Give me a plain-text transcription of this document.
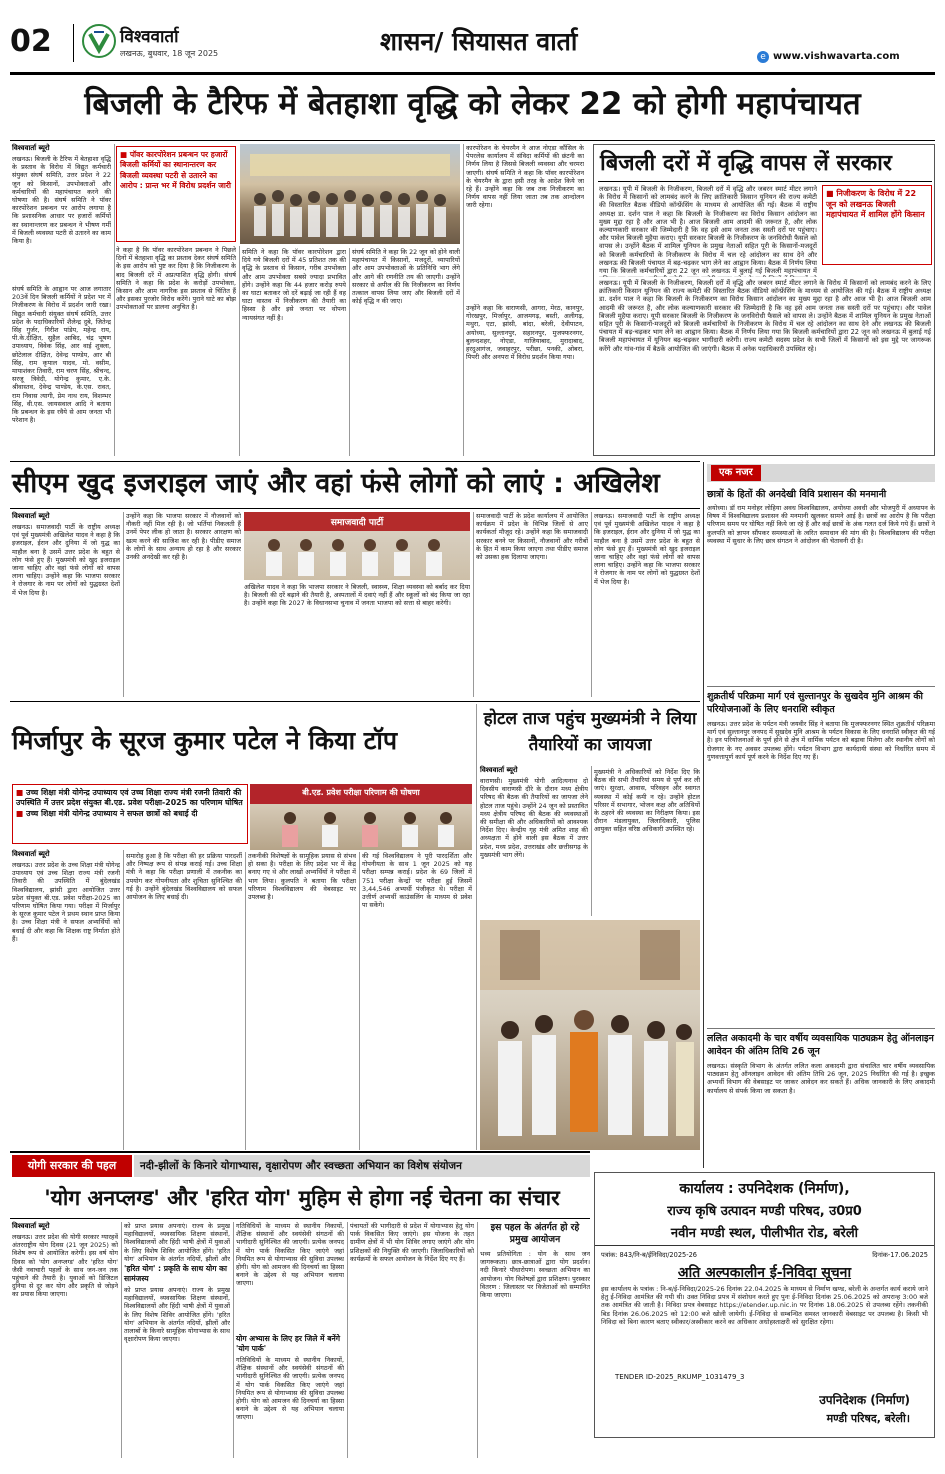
02	विश्ववार्ता
लखनऊ, बुधवार, 18 जून 2025	शासन/ सियासत वार्ता
e www.vishwavarta.com
बिजली के टैरिफ में बेतहाशा वृद्धि को लेकर 22 को होगी महापंचायत
विश्ववार्ता ब्यूरो
लखनऊ। बिजली के टैरिफ में बेतहाशा वृद्धि के प्रस्ताव के विरोध में विद्युत कर्मचारी संयुक्त संघर्ष समिति, उत्तर प्रदेश ने 22 जून को किसानों, उपभोक्ताओं और कर्मचारियों की महापंचायत करने की घोषणा की है। संघर्ष समिति ने पॉवर कारपोरेशन प्रबन्धन पर आरोप लगाया है कि प्रशासनिक आधार पर हजारों कर्मियों का स्थानान्तरण कर प्रबन्धन ने भीषण गर्मी में बिजली व्यवस्था पटरी से उतारने का काम किया है।
संघर्ष समिति के आह्वान पर आज लगातार 203वें दिन बिजली कर्मियों ने प्रदेश भर में निजीकरण के विरोध में प्रदर्शन जारी रखा। विद्युत कर्मचारी संयुक्त संघर्ष समिति, उत्तर प्रदेश के पदाधिकारियों शैलेन्द्र दुबे, जितेन्द्र सिंह गुर्जर, गिरीश पांडेय, महेन्द्र राय, पी.के.दीक्षित, सुहैल आबिद, चंद्र भूषण उपाध्याय, विवेक सिंह, आर वाई शुक्ला, छोटेलाल दीक्षित, देवेन्द्र पाण्डेय, आर बी सिंह, राम कृपाल यादव, मो. वसीम, मायाशंकर तिवारी, राम चरण सिंह, श्रीचन्द, सरजू त्रिवेदी, योगेन्द्र कुमार, ए.के. श्रीवास्तव, देवेन्द्र पाण्डेय, के.एस. रावत, राम निवास त्यागी, प्रेम नाथ राय, विशम्भर सिंह, वी.एस. जायसवाल आदि ने बताया कि प्रबन्धन के इस रवैये से आम जनता भी परेशान है।
■ पॉवर कारपोरेशन प्रबन्धन पर हजारों बिजली कर्मियों का स्थानान्तरण कर बिजली व्यवस्था पटरी से उतारने का आरोप : प्रान्त भर में विरोध प्रदर्शन जारी
ने कहा है कि पॉवर कारपोरेशन प्रबन्धन ने पिछले दिनों में बेतहाशा वृद्धि का प्रस्ताव देकर संघर्ष समिति के इस आरोप को पुष्ट कर दिया है कि निजीकरण के बाद बिजली दरें में अप्रत्याशित वृद्धि होगी। संघर्ष समिति ने कहा कि प्रदेश के करोड़ों उपभोक्ता, किसान और आम नागरिक इस प्रस्ताव से चिंतित हैं और इसका पुरजोर विरोध करेंगे। पुराने घाटे का बोझ उपभोक्ताओं पर डालना अनुचित है।
समिति ने कहा कि पॉवर कारपोरेशन द्वारा दिये गये बिजली दरों में 45 प्रतिशत तक की वृद्धि के प्रस्ताव से किसान, गरीब उपभोक्ता और आम उपभोक्ता सबसे ज्यादा प्रभावित होंगे। उन्होंने कहा कि 44 हजार करोड़ रुपये का घाटा बताकर जो दरें बढ़ाई जा रही हैं वह घाटा वास्तव में निजीकरण की तैयारी का हिस्सा है और इसे जनता पर थोपना न्यायसंगत नहीं है।
संघर्ष समिति ने कहा कि 22 जून को होने वाली महापंचायत में किसानों, मजदूरों, व्यापारियों और आम उपभोक्ताओं के प्रतिनिधि भाग लेंगे और आगे की रणनीति तय की जाएगी। उन्होंने सरकार से अपील की कि निजीकरण का निर्णय तत्काल वापस लिया जाए और बिजली दरों में कोई वृद्धि न की जाए।
कारपोरेशन के चेयरमैन ने आज नोएडा कौंसिल के पेपरलेस कार्यालय में संविदा कर्मियों की छंटनी का निर्णय लिया है जिससे बिजली व्यवस्था और चरमरा जाएगी। संघर्ष समिति ने कहा कि पॉवर कारपोरेशन के चेयरमैन के द्वारा इसी तरह के आदेश किये जा रहे हैं। उन्होंने कहा कि जब तक निजीकरण का निर्णय वापस नहीं लिया जाता तब तक आन्दोलन जारी रहेगा।
उन्होंने कहा कि वाराणसी, आगरा, मेरठ, कानपुर, गोरखपुर, मिर्जापुर, आजमगढ़, बस्ती, अलीगढ़, मथुरा, एटा, झांसी, बांदा, बरेली, देवीपाटन, अयोध्या, सुल्तानपुर, सहारनपुर, मुजफ्फरनगर, बुलन्दशहर, नोएडा, गाजियाबाद, मुरादाबाद, हरदुआगंज, जवाहरपुर, परीछा, पनकी, ओबरा, पिपरी और अनपरा में विरोध प्रदर्शन किया गया।
बिजली दरों में वृद्धि वापस लें सरकार
लखनऊ। यूपी में बिजली के निजीकरण, बिजली दरों में वृद्धि और जबरन स्मार्ट मीटर लगाने के विरोध में किसानों को लामबंद करने के लिए क्रांतिकारी किसान यूनियन की राज्य कमेटी की विस्तारित बैठक वीडियो कॉन्फ्रेंसिंग के माध्यम से आयोजित की गई। बैठक में राष्ट्रीय अध्यक्ष डा. दर्शन पाल ने कहा कि बिजली के निजीकरण का विरोध किसान आंदोलन का मुख्य मुद्दा रहा है और आज भी है। आज बिजली आम आदमी की जरूरत है, और लोक कल्याणकारी सरकार की जिम्मेदारी है कि वह इसे आम जनता तक सस्ती दरों पर पहुंचाए। और पावेल बिजली मुहैया कराए। यूपी सरकार बिजली के निजीकरण के जनविरोधी फैसले को वापस ले। उन्होंने बैठक में शामिल यूनियन के प्रमुख नेताओं सहित पूरी के किसानों-मजदूरों को बिजली कर्मचारियों के निजीकरण के विरोध में चल रहे आंदोलन का साथ देने और लखनऊ की बिजली पंचायत में बढ़-चढ़कर भाग लेने का आह्वान किया। बैठक में निर्णय लिया गया कि बिजली कर्मचारियों द्वारा 22 जून को लखनऊ में बुलाई गई बिजली महापंचायत में
■ निजीकरण के विरोध में 22 जून को लखनऊ बिजली महापंचायत में शामिल होंगे किसान
लखनऊ। यूपी में बिजली के निजीकरण, बिजली दरों में वृद्धि और जबरन स्मार्ट मीटर लगाने के विरोध में किसानों को लामबंद करने के लिए क्रांतिकारी किसान यूनियन की राज्य कमेटी की विस्तारित बैठक वीडियो कॉन्फ्रेंसिंग के माध्यम से आयोजित की गई। बैठक में राष्ट्रीय अध्यक्ष डा. दर्शन पाल ने कहा कि बिजली के निजीकरण का विरोध किसान आंदोलन का मुख्य मुद्दा रहा है और आज भी है। आज बिजली आम आदमी की जरूरत है, और लोक कल्याणकारी सरकार की जिम्मेदारी है कि वह इसे आम जनता तक सस्ती दरों पर पहुंचाए। और पावेल बिजली मुहैया कराए। यूपी सरकार बिजली के निजीकरण के जनविरोधी फैसले को वापस ले। उन्होंने बैठक में शामिल यूनियन के प्रमुख नेताओं सहित पूरी के किसानों-मजदूरों को बिजली कर्मचारियों के निजीकरण के विरोध में चल रहे आंदोलन का साथ देने और लखनऊ की बिजली पंचायत में बढ़-चढ़कर भाग लेने का आह्वान किया। बैठक में निर्णय लिया गया कि बिजली कर्मचारियों द्वारा 22 जून को लखनऊ में बुलाई गई बिजली महापंचायत में यूनियन बढ़-चढ़कर भागीदारी करेगी। राज्य कमेटी सदस्य प्रदेश के सभी जिलों में किसानों को इस मुद्दे पर जागरूक करेंगे और गांव-गांव में बैठकें आयोजित की जाएंगी। बैठक में अनेक पदाधिकारी उपस्थित रहे।
सीएम खुद इजराइल जाएं और वहां फंसे लोगों को लाएं : अखिलेश
विश्ववार्ता ब्यूरो
लखनऊ। समाजवादी पार्टी के राष्ट्रीय अध्यक्ष एवं पूर्व मुख्यमंत्री अखिलेश यादव ने कहा है कि इजराइल, ईरान और दुनिया में जो युद्ध का माहौल बना है उसमें उत्तर प्रदेश के बहुत से लोग फंसे हुए हैं। मुख्यमंत्री को खुद इजराइल जाना चाहिए और वहां फंसे लोगों को वापस लाना चाहिए। उन्होंने कहा कि भाजपा सरकार ने रोजगार के नाम पर लोगों को युद्धग्रस्त देशों में भेज दिया है।
उन्होंने कहा कि भाजपा सरकार में नौजवानों को नौकरी नहीं मिल रही है। जो भर्तियां निकलती हैं उनमें पेपर लीक हो जाता है। सरकार आरक्षण को खत्म करने की साजिश कर रही है। पीडीए समाज के लोगों के साथ अन्याय हो रहा है और सरकार उनकी अनदेखी कर रही है।
समाजवादी पार्टी
अखिलेश यादव ने कहा कि भाजपा सरकार ने बिजली, स्वास्थ्य, शिक्षा व्यवस्था को बर्बाद कर दिया है। बिजली की दरें बढ़ाने की तैयारी है, अस्पतालों में दवाएं नहीं हैं और स्कूलों को बंद किया जा रहा है। उन्होंने कहा कि 2027 के विधानसभा चुनाव में जनता भाजपा को सत्ता से बाहर करेगी।
समाजवादी पार्टी के प्रदेश कार्यालय में आयोजित कार्यक्रम में प्रदेश के विभिन्न जिलों से आए कार्यकर्ता मौजूद रहे। उन्होंने कहा कि समाजवादी सरकार बनने पर किसानों, नौजवानों और गरीबों के हित में काम किया जाएगा तथा पीडीए समाज को उसका हक दिलाया जाएगा।
लखनऊ। समाजवादी पार्टी के राष्ट्रीय अध्यक्ष एवं पूर्व मुख्यमंत्री अखिलेश यादव ने कहा है कि इजराइल, ईरान और दुनिया में जो युद्ध का माहौल बना है उसमें उत्तर प्रदेश के बहुत से लोग फंसे हुए हैं। मुख्यमंत्री को खुद इजराइल जाना चाहिए और वहां फंसे लोगों को वापस लाना चाहिए। उन्होंने कहा कि भाजपा सरकार ने रोजगार के नाम पर लोगों को युद्धग्रस्त देशों में भेज दिया है।
एक नजर
छात्रों के हितों की अनदेखी विवि प्रशासन की मनमानी
अयोध्या। डॉ राम मनोहर लोहिया अवध विश्वविद्यालय, अयोध्या अवधी और भोजपुरी में अध्यापन के विषय में विश्वविद्यालय प्रशासन की मनमानी खुलकर सामने आई है। छात्रों का आरोप है कि परीक्षा परिणाम समय पर घोषित नहीं किये जा रहे हैं और कई छात्रों के अंक गलत दर्ज किये गये हैं। छात्रों ने कुलपति को ज्ञापन सौंपकर समस्याओं के त्वरित समाधान की मांग की है। विश्वविद्यालय की परीक्षा व्यवस्था में सुधार के लिए छात्र संगठन ने आंदोलन की चेतावनी दी है।
शुक्रतीर्थ परिक्रमा मार्ग एवं सुल्तानपुर के सुखदेव मुनि आश्रम की परियोजनाओं के लिए धनराशि स्वीकृत
लखनऊ। उत्तर प्रदेश के पर्यटन मंत्री जयवीर सिंह ने बताया कि मुजफ्फरनगर स्थित शुक्रतीर्थ परिक्रमा मार्ग एवं सुल्तानपुर जनपद में सुखदेव मुनि आश्रम के पर्यटन विकास के लिए धनराशि स्वीकृत की गई है। इन परियोजनाओं के पूर्ण होने से क्षेत्र में धार्मिक पर्यटन को बढ़ावा मिलेगा और स्थानीय लोगों को रोजगार के नए अवसर उपलब्ध होंगे। पर्यटन विभाग द्वारा कार्यदायी संस्था को निर्धारित समय में गुणवत्तापूर्ण कार्य पूर्ण करने के निर्देश दिए गए हैं।
ललित अकादमी के चार वर्षीय व्यवसायिक पाठ्यक्रम हेतु ऑनलाइन आवेदन की अंतिम तिथि 26 जून
लखनऊ। संस्कृति विभाग के अंतर्गत ललित कला अकादमी द्वारा संचालित चार वर्षीय व्यवसायिक पाठ्यक्रम हेतु ऑनलाइन आवेदन की अंतिम तिथि 26 जून, 2025 निर्धारित की गई है। इच्छुक अभ्यर्थी विभाग की वेबसाइट पर जाकर आवेदन कर सकते हैं। अधिक जानकारी के लिए अकादमी कार्यालय से संपर्क किया जा सकता है।
मिर्जापुर के सूरज कुमार पटेल ने किया टॉप
■ उच्च शिक्षा मंत्री योगेन्द्र उपाध्याय एवं उच्च शिक्षा राज्य मंत्री रजनी तिवारी की उपस्थिति में उत्तर प्रदेश संयुक्त बी.एड. प्रवेश परीक्षा-2025 का परिणाम घोषित
■ उच्च शिक्षा मंत्री योगेन्द्र उपाध्याय ने सफल छात्रों को बधाई दी
बी.एड. प्रवेश परीक्षा परिणाम की घोषणा
विश्ववार्ता ब्यूरो
लखनऊ। उत्तर प्रदेश के उच्च शिक्षा मंत्री योगेन्द्र उपाध्याय एवं उच्च शिक्षा राज्य मंत्री रजनी तिवारी की उपस्थिति में बुंदेलखंड विश्वविद्यालय, झांसी द्वारा आयोजित उत्तर प्रदेश संयुक्त बी.एड. प्रवेश परीक्षा-2025 का परिणाम घोषित किया गया। परीक्षा में मिर्जापुर के सूरज कुमार पटेल ने प्रथम स्थान प्राप्त किया है। उच्च शिक्षा मंत्री ने सफल अभ्यर्थियों को बधाई दी और कहा कि शिक्षक राष्ट्र निर्माता होते हैं।
समारोह हुआ है कि परीक्षा की हर प्रक्रिया पारदर्शी और निष्पक्ष रूप से संपन्न कराई गई। उच्च शिक्षा मंत्री ने कहा कि परीक्षा प्रणाली में तकनीक का उपयोग कर गोपनीयता और शुचिता सुनिश्चित की गई है। उन्होंने बुंदेलखंड विश्वविद्यालय को सफल आयोजन के लिए बधाई दी।
तकनीकी विशेषज्ञों के सामूहिक प्रयास से संभव हो सका है। परीक्षा के लिए प्रदेश भर में केंद्र बनाए गए थे और लाखों अभ्यर्थियों ने परीक्षा में भाग लिया। कुलपति ने बताया कि परीक्षा परिणाम विश्वविद्यालय की वेबसाइट पर उपलब्ध है।
की गई विश्वविद्यालय ने पूरी पारदर्शिता और गोपनीयता के साथ 1 जून 2025 को यह परीक्षा सम्पन्न कराई। प्रदेश के 69 जिलों में 751 परीक्षा केन्द्रों पर परीक्षा हुई जिसमें 3,44,546 अभ्यर्थी पंजीकृत थे। परीक्षा में उत्तीर्ण अभ्यर्थी काउंसलिंग के माध्यम से प्रवेश पा सकेंगे।
होटल ताज पहुंच मुख्यमंत्री ने लिया तैयारियों का जायजा
विश्ववार्ता ब्यूरो
वाराणसी। मुख्यमंत्री योगी आदित्यनाथ दो दिवसीय वाराणसी दौरे के दौरान मध्य क्षेत्रीय परिषद की बैठक की तैयारियों का जायजा लेने होटल ताज पहुंचे। उन्होंने 24 जून को प्रस्तावित मध्य क्षेत्रीय परिषद की बैठक की व्यवस्थाओं की समीक्षा की और अधिकारियों को आवश्यक निर्देश दिए। केन्द्रीय गृह मंत्री अमित शाह की अध्यक्षता में होने वाली इस बैठक में उत्तर प्रदेश, मध्य प्रदेश, उत्तराखंड और छत्तीसगढ़ के मुख्यमंत्री भाग लेंगे।
मुख्यमंत्री ने अधिकारियों को निर्देश दिए कि बैठक की सभी तैयारियां समय से पूर्ण कर ली जाएं। सुरक्षा, आवास, परिवहन और स्वागत व्यवस्था में कोई कमी न रहे। उन्होंने होटल परिसर में सभागार, भोजन कक्ष और अतिथियों के ठहरने की व्यवस्था का निरीक्षण किया। इस दौरान मंडलायुक्त, जिलाधिकारी, पुलिस आयुक्त सहित वरिष्ठ अधिकारी उपस्थित रहे।
योगी सरकार की पहल	नदी-झीलों के किनारे योगाभ्यास, वृक्षारोपण और स्वच्छता अभियान का विशेष संयोजन
'योग अनप्लग्ड' और 'हरित योग' मुहिम से होगा नई चेतना का संचार
विश्ववार्ता ब्यूरो
लखनऊ। उत्तर प्रदेश की योगी सरकार ग्यारहवें अंतरराष्ट्रीय योग दिवस (21 जून 2025) को विशेष रूप से आयोजित करेगी। इस वर्ष योग दिवस को 'योग अनप्लग्ड' और 'हरित योग' जैसी नवाचारी पहलों के साथ जन-जन तक पहुंचाने की तैयारी है। युवाओं को डिजिटल दुनिया से दूर कर योग और प्रकृति से जोड़ने का प्रयास किया जाएगा।
को प्राप्त प्रयास अपनाएं। राज्य के प्रमुख महाविद्यालयों, व्यवसायिक शिक्षण संस्थानों, विश्वविद्यालयों और हिंदी भाषी क्षेत्रों में युवाओं के लिए विशेष शिविर आयोजित होंगे। 'हरित योग' अभियान के अंतर्गत नदियों, झीलों और
'हरित योग' : प्रकृति के साथ योग का सामंजस्य
को प्राप्त प्रयास अपनाएं। राज्य के प्रमुख महाविद्यालयों, व्यवसायिक शिक्षण संस्थानों, विश्वविद्यालयों और हिंदी भाषी क्षेत्रों में युवाओं के लिए विशेष शिविर आयोजित होंगे। 'हरित योग' अभियान के अंतर्गत नदियों, झीलों और तालाबों के किनारे सामूहिक योगाभ्यास के साथ वृक्षारोपण किया जाएगा।
गतिविधियों के माध्यम से स्थानीय निकायों, शैक्षिक संस्थानों और स्वयंसेवी संगठनों की भागीदारी सुनिश्चित की जाएगी। प्रत्येक जनपद में योग पार्क विकसित किए जाएंगे जहां नियमित रूप से योगाभ्यास की सुविधा उपलब्ध होगी। योग को आमजन की दिनचर्या का हिस्सा बनाने के उद्देश्य से यह अभियान चलाया जाएगा।
योग अभ्यास के लिए हर जिले में बनेंगे 'योग पार्क'
गतिविधियों के माध्यम से स्थानीय निकायों, शैक्षिक संस्थानों और स्वयंसेवी संगठनों की भागीदारी सुनिश्चित की जाएगी। प्रत्येक जनपद में योग पार्क विकसित किए जाएंगे जहां नियमित रूप से योगाभ्यास की सुविधा उपलब्ध होगी। योग को आमजन की दिनचर्या का हिस्सा बनाने के उद्देश्य से यह अभियान चलाया जाएगा।
पंचायतों की भागीदारी से प्रदेश में योगाभ्यास हेतु योग पार्क विकसित किए जाएंगे। इस योजना के तहत ग्रामीण क्षेत्रों में भी योग शिविर लगाए जाएंगे और योग प्रशिक्षकों की नियुक्ति की जाएगी। जिलाधिकारियों को कार्यक्रमों के सफल आयोजन के निर्देश दिए गए हैं।
इस पहल के अंतर्गत हो रहे प्रमुख आयोजन
भव्य प्रतियोगिता : योग के साथ जन जागरूकता। छात्र-छात्राओं द्वारा योग प्रदर्शन। नदी किनारे पौधारोपण। स्वच्छता अभियान का आयोजन। योग विशेषज्ञों द्वारा प्रशिक्षण। पुरस्कार वितरण : जिलास्तर पर विजेताओं को सम्मानित किया जाएगा।
कार्यालय : उपनिदेशक (निर्माण),
राज्य कृषि उत्पादन मण्डी परिषद, उ0प्र0
नवीन मण्डी स्थल, पीलीभीत रोड, बरेली
पत्रांक: 843/नि-ब/ईनिविदा/2025-26	दिनांक-17.06.2025
अति अल्पकालीन ई-निविदा सूचना
इस कार्यालय के पत्रांक : नि-ब/ई-निविदा/2025-26 दिनांक 22.04.2025 के माध्यम से निर्माण खण्ड, बरेली के अन्तर्गत कार्य कराये जाने हेतु ई-निविदा आमंत्रित की गयी थी। उक्त निविदा प्रपत्र में संशोधन करते हुए पुनः ई-निविदा दिनांक 25.06.2025 को अपरान्ह 3:00 बजे तक आमंत्रित की जाती है। निविदा प्रपत्र वेबसाइट https://etender.up.nic.in पर दिनांक 18.06.2025 से उपलब्ध रहेंगे। तकनीकी बिड दिनांक 26.06.2025 को 12:00 बजे खोली जायेगी। ई-निविदा से सम्बन्धित समस्त जानकारी वेबसाइट पर उपलब्ध है। किसी भी निविदा को बिना कारण बताए स्वीकार/अस्वीकार करने का अधिकार अधोहस्ताक्षरी को सुरक्षित रहेगा।
TENDER ID-2025_RKUMP_1031479_3
उपनिदेशक (निर्माण)
मण्डी परिषद, बरेली।
